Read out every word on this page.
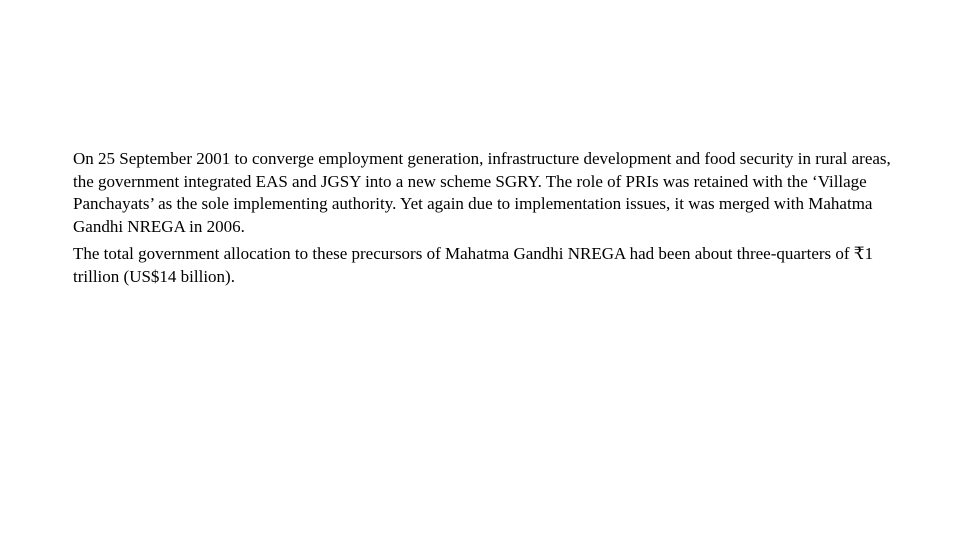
On 25 September 2001 to converge employment generation, infrastructure development and food security in rural areas, the government integrated EAS and JGSY into a new scheme SGRY. The role of PRIs was retained with the ‘Village Panchayats’ as the sole implementing authority. Yet again due to implementation issues, it was merged with Mahatma Gandhi NREGA in 2006.

The total government allocation to these precursors of Mahatma Gandhi NREGA had been about three-quarters of ₹1 trillion (US$14 billion).
